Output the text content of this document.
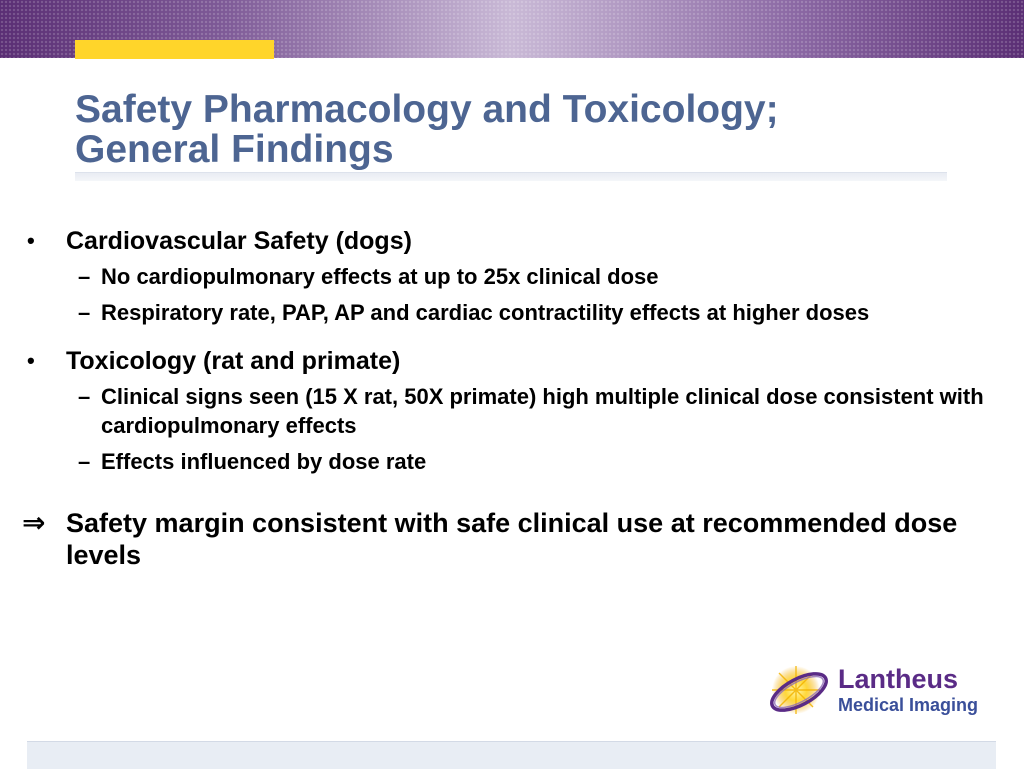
Safety Pharmacology and Toxicology;
General Findings
• Cardiovascular Safety (dogs)
– No cardiopulmonary effects at up to 25x clinical dose
– Respiratory rate, PAP, AP and cardiac contractility effects at higher doses
• Toxicology (rat and primate)
– Clinical signs seen (15 X rat, 50X primate) high multiple clinical dose consistent with cardiopulmonary effects
– Effects influenced by dose rate
⇒ Safety margin consistent with safe clinical use at recommended dose levels
Lantheus
Medical Imaging
